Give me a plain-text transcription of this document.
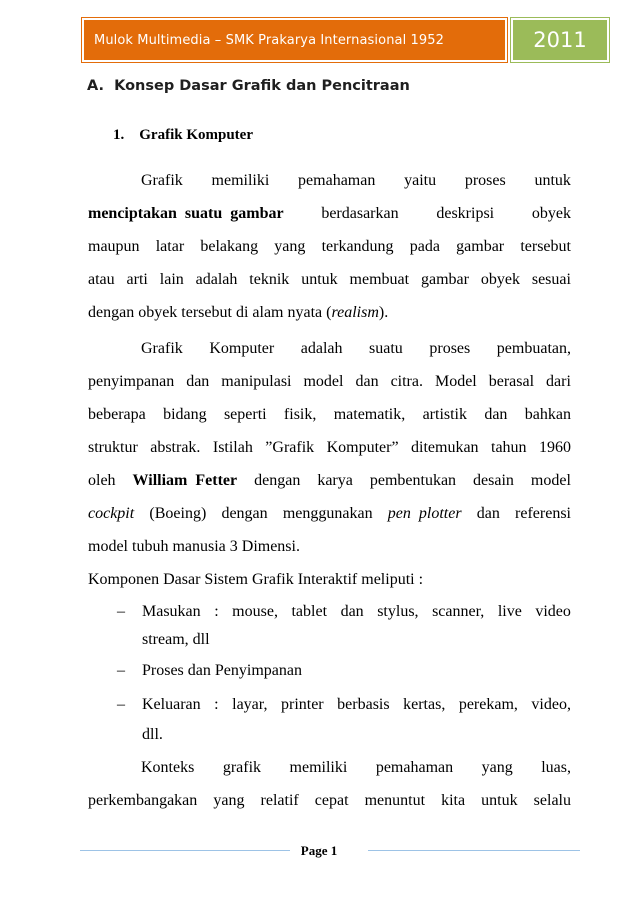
Mulok Multimedia – SMK Prakarya Internasional 1952	2011
A.  Konsep Dasar Grafik dan Pencitraan
1.    Grafik Komputer
Grafik memiliki pemahaman yaitu proses untuk
menciptakan  suatu  gambar berdasarkan deskripsi obyek
maupun latar belakang yang terkandung pada gambar tersebut
atau arti lain adalah teknik untuk membuat gambar obyek sesuai
dengan obyek tersebut di alam nyata (realism).
Grafik Komputer adalah suatu proses pembuatan,
penyimpanan dan manipulasi model dan citra. Model berasal dari
beberapa bidang seperti fisik, matematik, artistik dan bahkan
struktur abstrak. Istilah ”Grafik Komputer” ditemukan tahun 1960
oleh William  Fetter dengan karya pembentukan desain model
cockpit (Boeing) dengan menggunakan pen  plotter dan referensi
model tubuh manusia 3 Dimensi.
Komponen Dasar Sistem Grafik Interaktif meliputi :
– Masukan : mouse, tablet dan stylus, scanner, live video
stream, dll
– Proses dan Penyimpanan
– Keluaran : layar, printer berbasis kertas, perekam, video,
dll.
Konteks grafik memiliki pemahaman yang luas,
perkembangakan yang relatif cepat menuntut kita untuk selalu
Page 1
